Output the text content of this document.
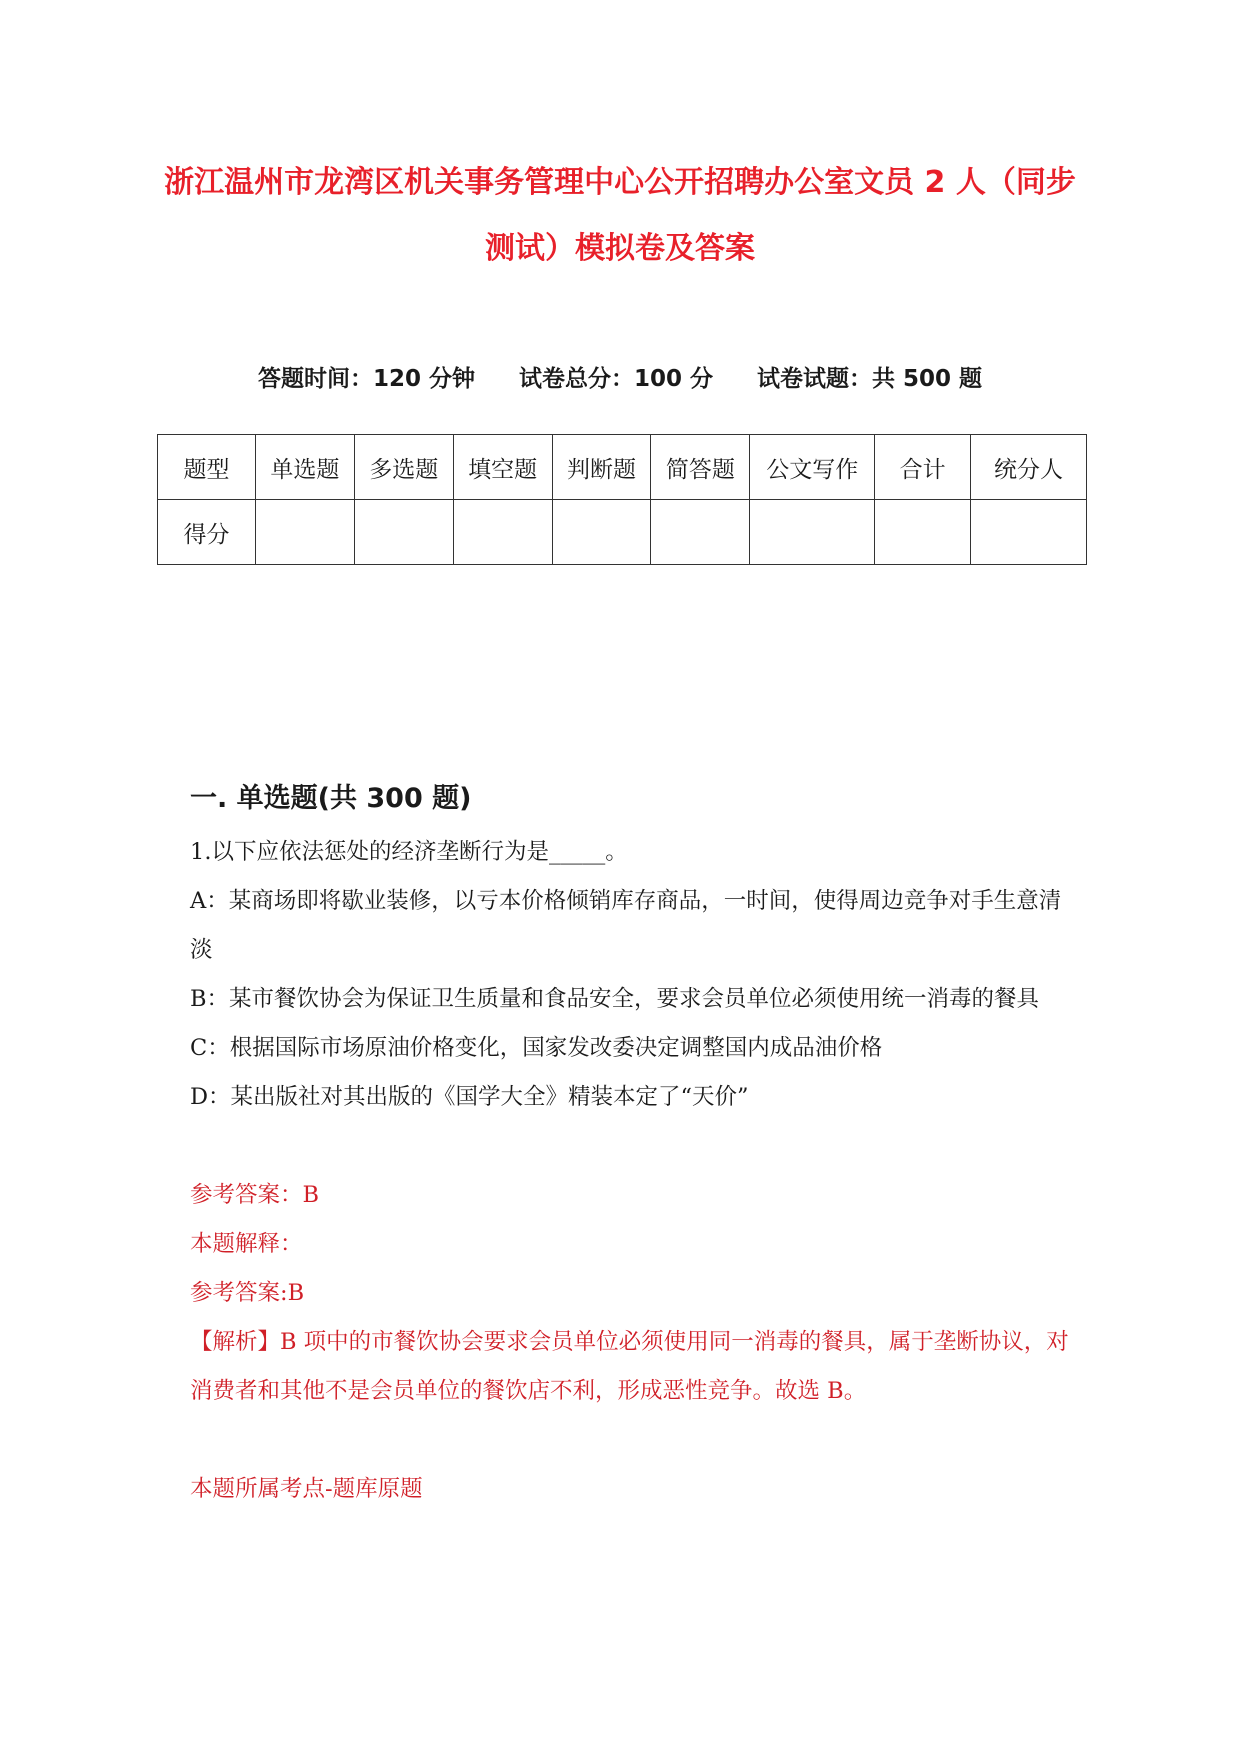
浙江温州市龙湾区机关事务管理中心公开招聘办公室文员 2 人（同步测试）模拟卷及答案
答题时间：120 分钟 试卷总分：100 分 试卷试题：共 500 题
题型	单选题	多选题	填空题	判断题	简答题	公文写作	合计	统分人
得分								
一. 单选题(共 300 题)

1.以下应依法惩处的经济垄断行为是_____。

A：某商场即将歇业装修，以亏本价格倾销库存商品，一时间，使得周边竞争对手生意清淡

B：某市餐饮协会为保证卫生质量和食品安全，要求会员单位必须使用统一消毒的餐具

C：根据国际市场原油价格变化，国家发改委决定调整国内成品油价格

D：某出版社对其出版的《国学大全》精装本定了“天价”

参考答案：B

本题解释：

参考答案:B

【解析】B 项中的市餐饮协会要求会员单位必须使用同一消毒的餐具，属于垄断协议，对消费者和其他不是会员单位的餐饮店不利，形成恶性竞争。故选 B。

本题所属考点-题库原题
